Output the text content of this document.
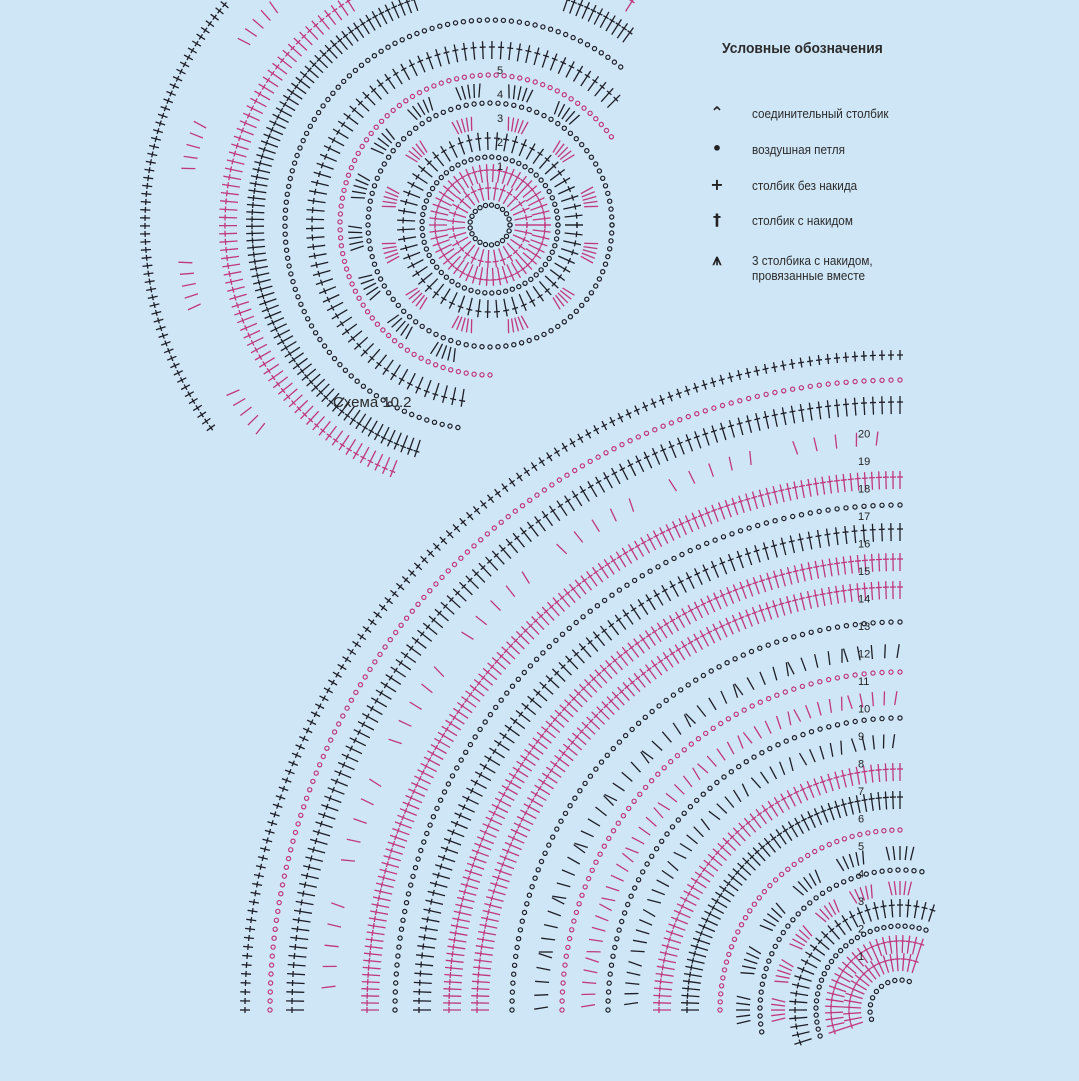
1
2
3
4
5
1
2
3
4
5
6
7
8
9
10
11
12
13
14
15
16
17
18
19
20
Условные обозначения
⌃	соединительный столбик
•	воздушная петля
+	столбик без накида
†	столбик с накидом
⩚	3 столбика с накидом, провязанные вместе
Схема 10.2
